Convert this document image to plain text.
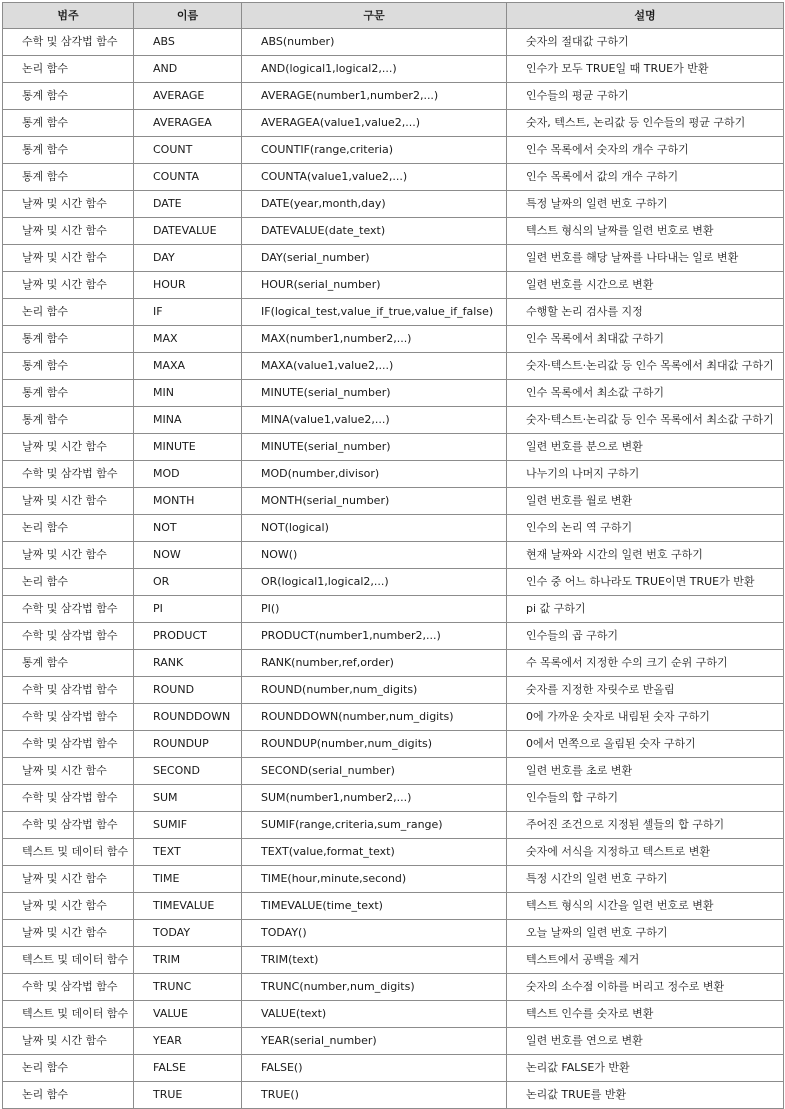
범주	이름	구문	설명
수학 및 삼각법 함수	ABS	ABS(number)	숫자의 절대값 구하기
논리 함수	AND	AND(logical1,logical2,...)	인수가 모두 TRUE일 때 TRUE가 반환
통계 함수	AVERAGE	AVERAGE(number1,number2,...)	인수들의 평균 구하기
통계 함수	AVERAGEA	AVERAGEA(value1,value2,...)	숫자, 텍스트, 논리값 등 인수들의 평균 구하기
통계 함수	COUNT	COUNTIF(range,criteria)	인수 목록에서 숫자의 개수 구하기
통계 함수	COUNTA	COUNTA(value1,value2,...)	인수 목록에서 값의 개수 구하기
날짜 및 시간 함수	DATE	DATE(year,month,day)	특정 날짜의 일련 번호 구하기
날짜 및 시간 함수	DATEVALUE	DATEVALUE(date_text)	텍스트 형식의 날짜를 일련 번호로 변환
날짜 및 시간 함수	DAY	DAY(serial_number)	일련 번호를 해당 날짜를 나타내는 일로 변환
날짜 및 시간 함수	HOUR	HOUR(serial_number)	일련 번호를 시간으로 변환
논리 함수	IF	IF(logical_test,value_if_true,value_if_false)	수행할 논리 검사를 지정
통계 함수	MAX	MAX(number1,number2,...)	인수 목록에서 최대값 구하기
통계 함수	MAXA	MAXA(value1,value2,...)	숫자·텍스트·논리값 등 인수 목록에서 최대값 구하기
통계 함수	MIN	MINUTE(serial_number)	인수 목록에서 최소값 구하기
통계 함수	MINA	MINA(value1,value2,...)	숫자·텍스트·논리값 등 인수 목록에서 최소값 구하기
날짜 및 시간 함수	MINUTE	MINUTE(serial_number)	일련 번호를 분으로 변환
수학 및 삼각법 함수	MOD	MOD(number,divisor)	나누기의 나머지 구하기
날짜 및 시간 함수	MONTH	MONTH(serial_number)	일련 번호를 월로 변환
논리 함수	NOT	NOT(logical)	인수의 논리 역 구하기
날짜 및 시간 함수	NOW	NOW()	현재 날짜와 시간의 일련 번호 구하기
논리 함수	OR	OR(logical1,logical2,...)	인수 중 어느 하나라도 TRUE이면 TRUE가 반환
수학 및 삼각법 함수	PI	PI()	pi 값 구하기
수학 및 삼각법 함수	PRODUCT	PRODUCT(number1,number2,...)	인수들의 곱 구하기
통계 함수	RANK	RANK(number,ref,order)	수 목록에서 지정한 수의 크기 순위 구하기
수학 및 삼각법 함수	ROUND	ROUND(number,num_digits)	숫자를 지정한 자릿수로 반올림
수학 및 삼각법 함수	ROUNDDOWN	ROUNDDOWN(number,num_digits)	0에 가까운 숫자로 내림된 숫자 구하기
수학 및 삼각법 함수	ROUNDUP	ROUNDUP(number,num_digits)	0에서 먼쪽으로 올림된 숫자 구하기
날짜 및 시간 함수	SECOND	SECOND(serial_number)	일련 번호를 초로 변환
수학 및 삼각법 함수	SUM	SUM(number1,number2,...)	인수들의 합 구하기
수학 및 삼각법 함수	SUMIF	SUMIF(range,criteria,sum_range)	주어진 조건으로 지정된 셀들의 합 구하기
텍스트 및 데이터 함수	TEXT	TEXT(value,format_text)	숫자에 서식을 지정하고 텍스트로 변환
날짜 및 시간 함수	TIME	TIME(hour,minute,second)	특정 시간의 일련 번호 구하기
날짜 및 시간 함수	TIMEVALUE	TIMEVALUE(time_text)	텍스트 형식의 시간을 일련 번호로 변환
날짜 및 시간 함수	TODAY	TODAY()	오늘 날짜의 일련 번호 구하기
텍스트 및 데이터 함수	TRIM	TRIM(text)	텍스트에서 공백을 제거
수학 및 삼각법 함수	TRUNC	TRUNC(number,num_digits)	숫자의 소수점 이하를 버리고 정수로 변환
텍스트 및 데이터 함수	VALUE	VALUE(text)	텍스트 인수를 숫자로 변환
날짜 및 시간 함수	YEAR	YEAR(serial_number)	일련 번호를 연으로 변환
논리 함수	FALSE	FALSE()	논리값 FALSE가 반환
논리 함수	TRUE	TRUE()	논리값 TRUE를 반환
